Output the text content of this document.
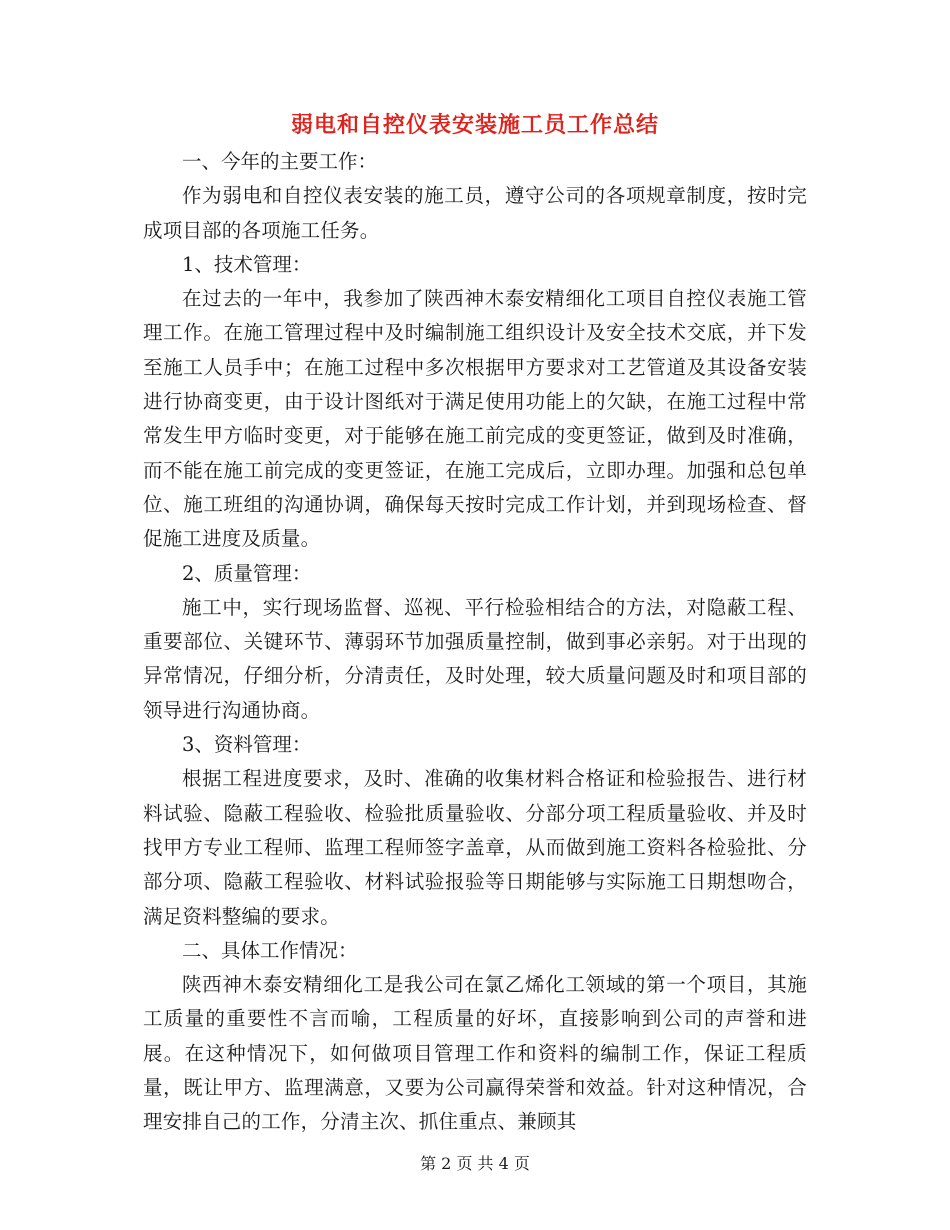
弱电和自控仪表安装施工员工作总结

一、今年的主要工作：

作为弱电和自控仪表安装的施工员，遵守公司的各项规章制度，按时完成项目部的各项施工任务。

1、技术管理：

在过去的一年中，我参加了陕西神木泰安精细化工项目自控仪表施工管理工作。在施工管理过程中及时编制施工组织设计及安全技术交底，并下发至施工人员手中；在施工过程中多次根据甲方要求对工艺管道及其设备安装进行协商变更，由于设计图纸对于满足使用功能上的欠缺，在施工过程中常常发生甲方临时变更，对于能够在施工前完成的变更签证，做到及时准确，而不能在施工前完成的变更签证，在施工完成后，立即办理。加强和总包单位、施工班组的沟通协调，确保每天按时完成工作计划，并到现场检查、督促施工进度及质量。

2、质量管理：

施工中，实行现场监督、巡视、平行检验相结合的方法，对隐蔽工程、重要部位、关键环节、薄弱环节加强质量控制，做到事必亲躬。对于出现的异常情况，仔细分析，分清责任，及时处理，较大质量问题及时和项目部的领导进行沟通协商。

3、资料管理：

根据工程进度要求，及时、准确的收集材料合格证和检验报告、进行材料试验、隐蔽工程验收、检验批质量验收、分部分项工程质量验收、并及时找甲方专业工程师、监理工程师签字盖章，从而做到施工资料各检验批、分部分项、隐蔽工程验收、材料试验报验等日期能够与实际施工日期想吻合，满足资料整编的要求。

二、具体工作情况：

陕西神木泰安精细化工是我公司在氯乙烯化工领域的第一个项目，其施工质量的重要性不言而喻，工程质量的好坏，直接影响到公司的声誉和进展。在这种情况下，如何做项目管理工作和资料的编制工作，保证工程质量，既让甲方、监理满意，又要为公司赢得荣誉和效益。针对这种情况，合理安排自己的工作，分清主次、抓住重点、兼顾其

第 2 页 共 4 页
